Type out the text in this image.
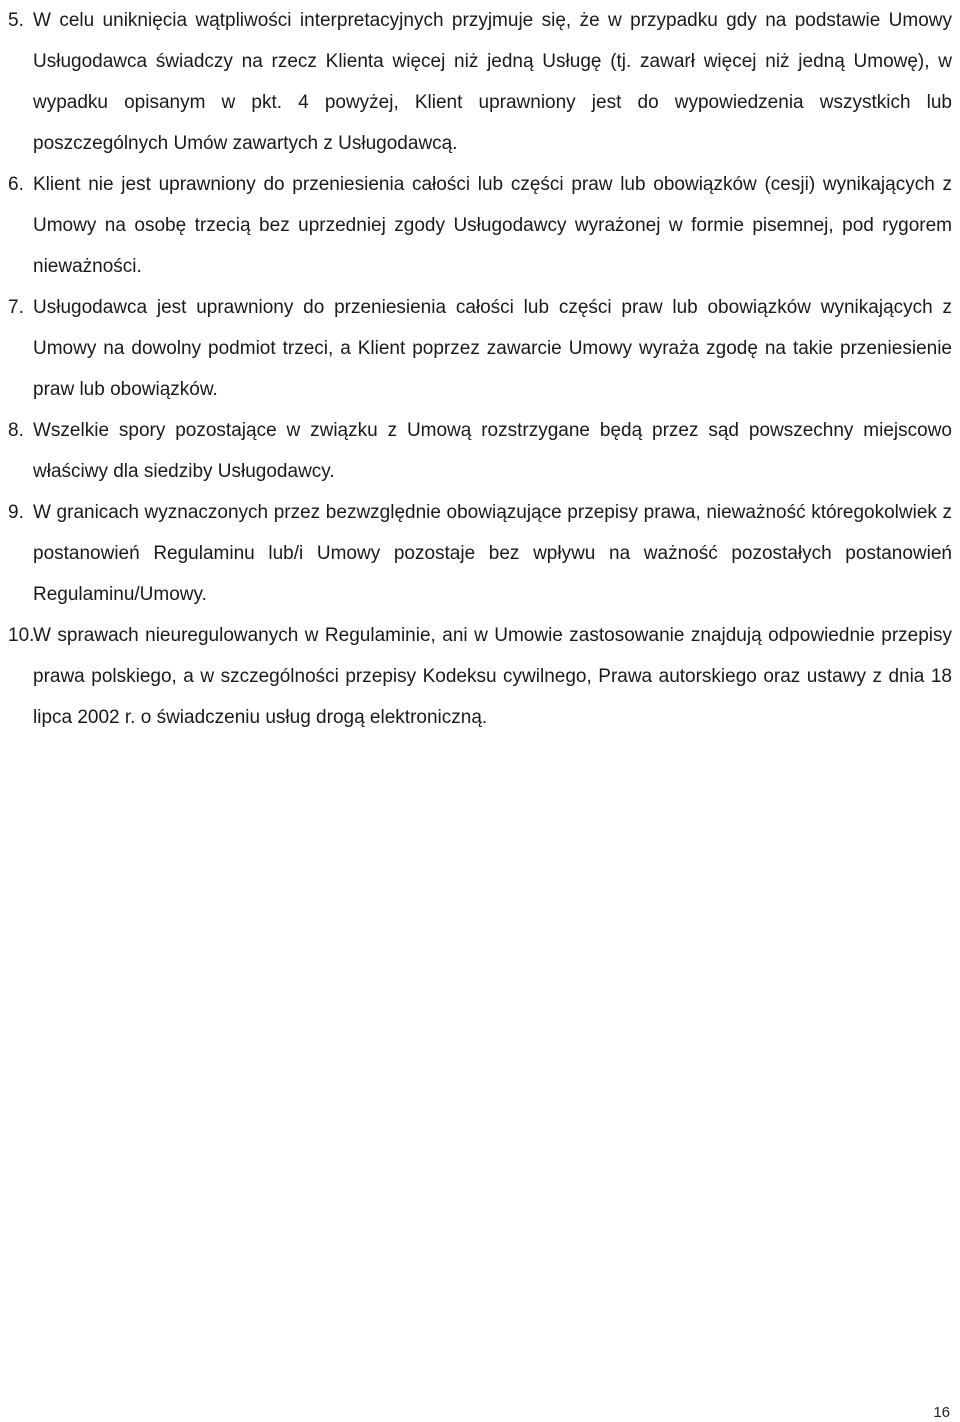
5. W celu uniknięcia wątpliwości interpretacyjnych przyjmuje się, że w przypadku gdy na podstawie Umowy Usługodawca świadczy na rzecz Klienta więcej niż jedną Usługę (tj. zawarł więcej niż jedną Umowę), w wypadku opisanym w pkt. 4 powyżej, Klient uprawniony jest do wypowiedzenia wszystkich lub poszczególnych Umów zawartych z Usługodawcą.
6. Klient nie jest uprawniony do przeniesienia całości lub części praw lub obowiązków (cesji) wynikających z Umowy na osobę trzecią bez uprzedniej zgody Usługodawcy wyrażonej w formie pisemnej, pod rygorem nieważności.
7. Usługodawca jest uprawniony do przeniesienia całości lub części praw lub obowiązków wynikających z Umowy na dowolny podmiot trzeci, a Klient poprzez zawarcie Umowy wyraża zgodę na takie przeniesienie praw lub obowiązków.
8. Wszelkie spory pozostające w związku z Umową rozstrzygane będą przez sąd powszechny miejscowo właściwy dla siedziby Usługodawcy.
9. W granicach wyznaczonych przez bezwzględnie obowiązujące przepisy prawa, nieważność któregokolwiek z postanowień Regulaminu lub/i Umowy pozostaje bez wpływu na ważność pozostałych postanowień Regulaminu/Umowy.
10.
W sprawach nieuregulowanych w Regulaminie, ani w Umowie zastosowanie znajdują odpowiednie przepisy prawa polskiego, a w szczególności przepisy Kodeksu cywilnego, Prawa autorskiego oraz ustawy z dnia 18 lipca 2002 r. o świadczeniu usług drogą elektroniczną.
16
